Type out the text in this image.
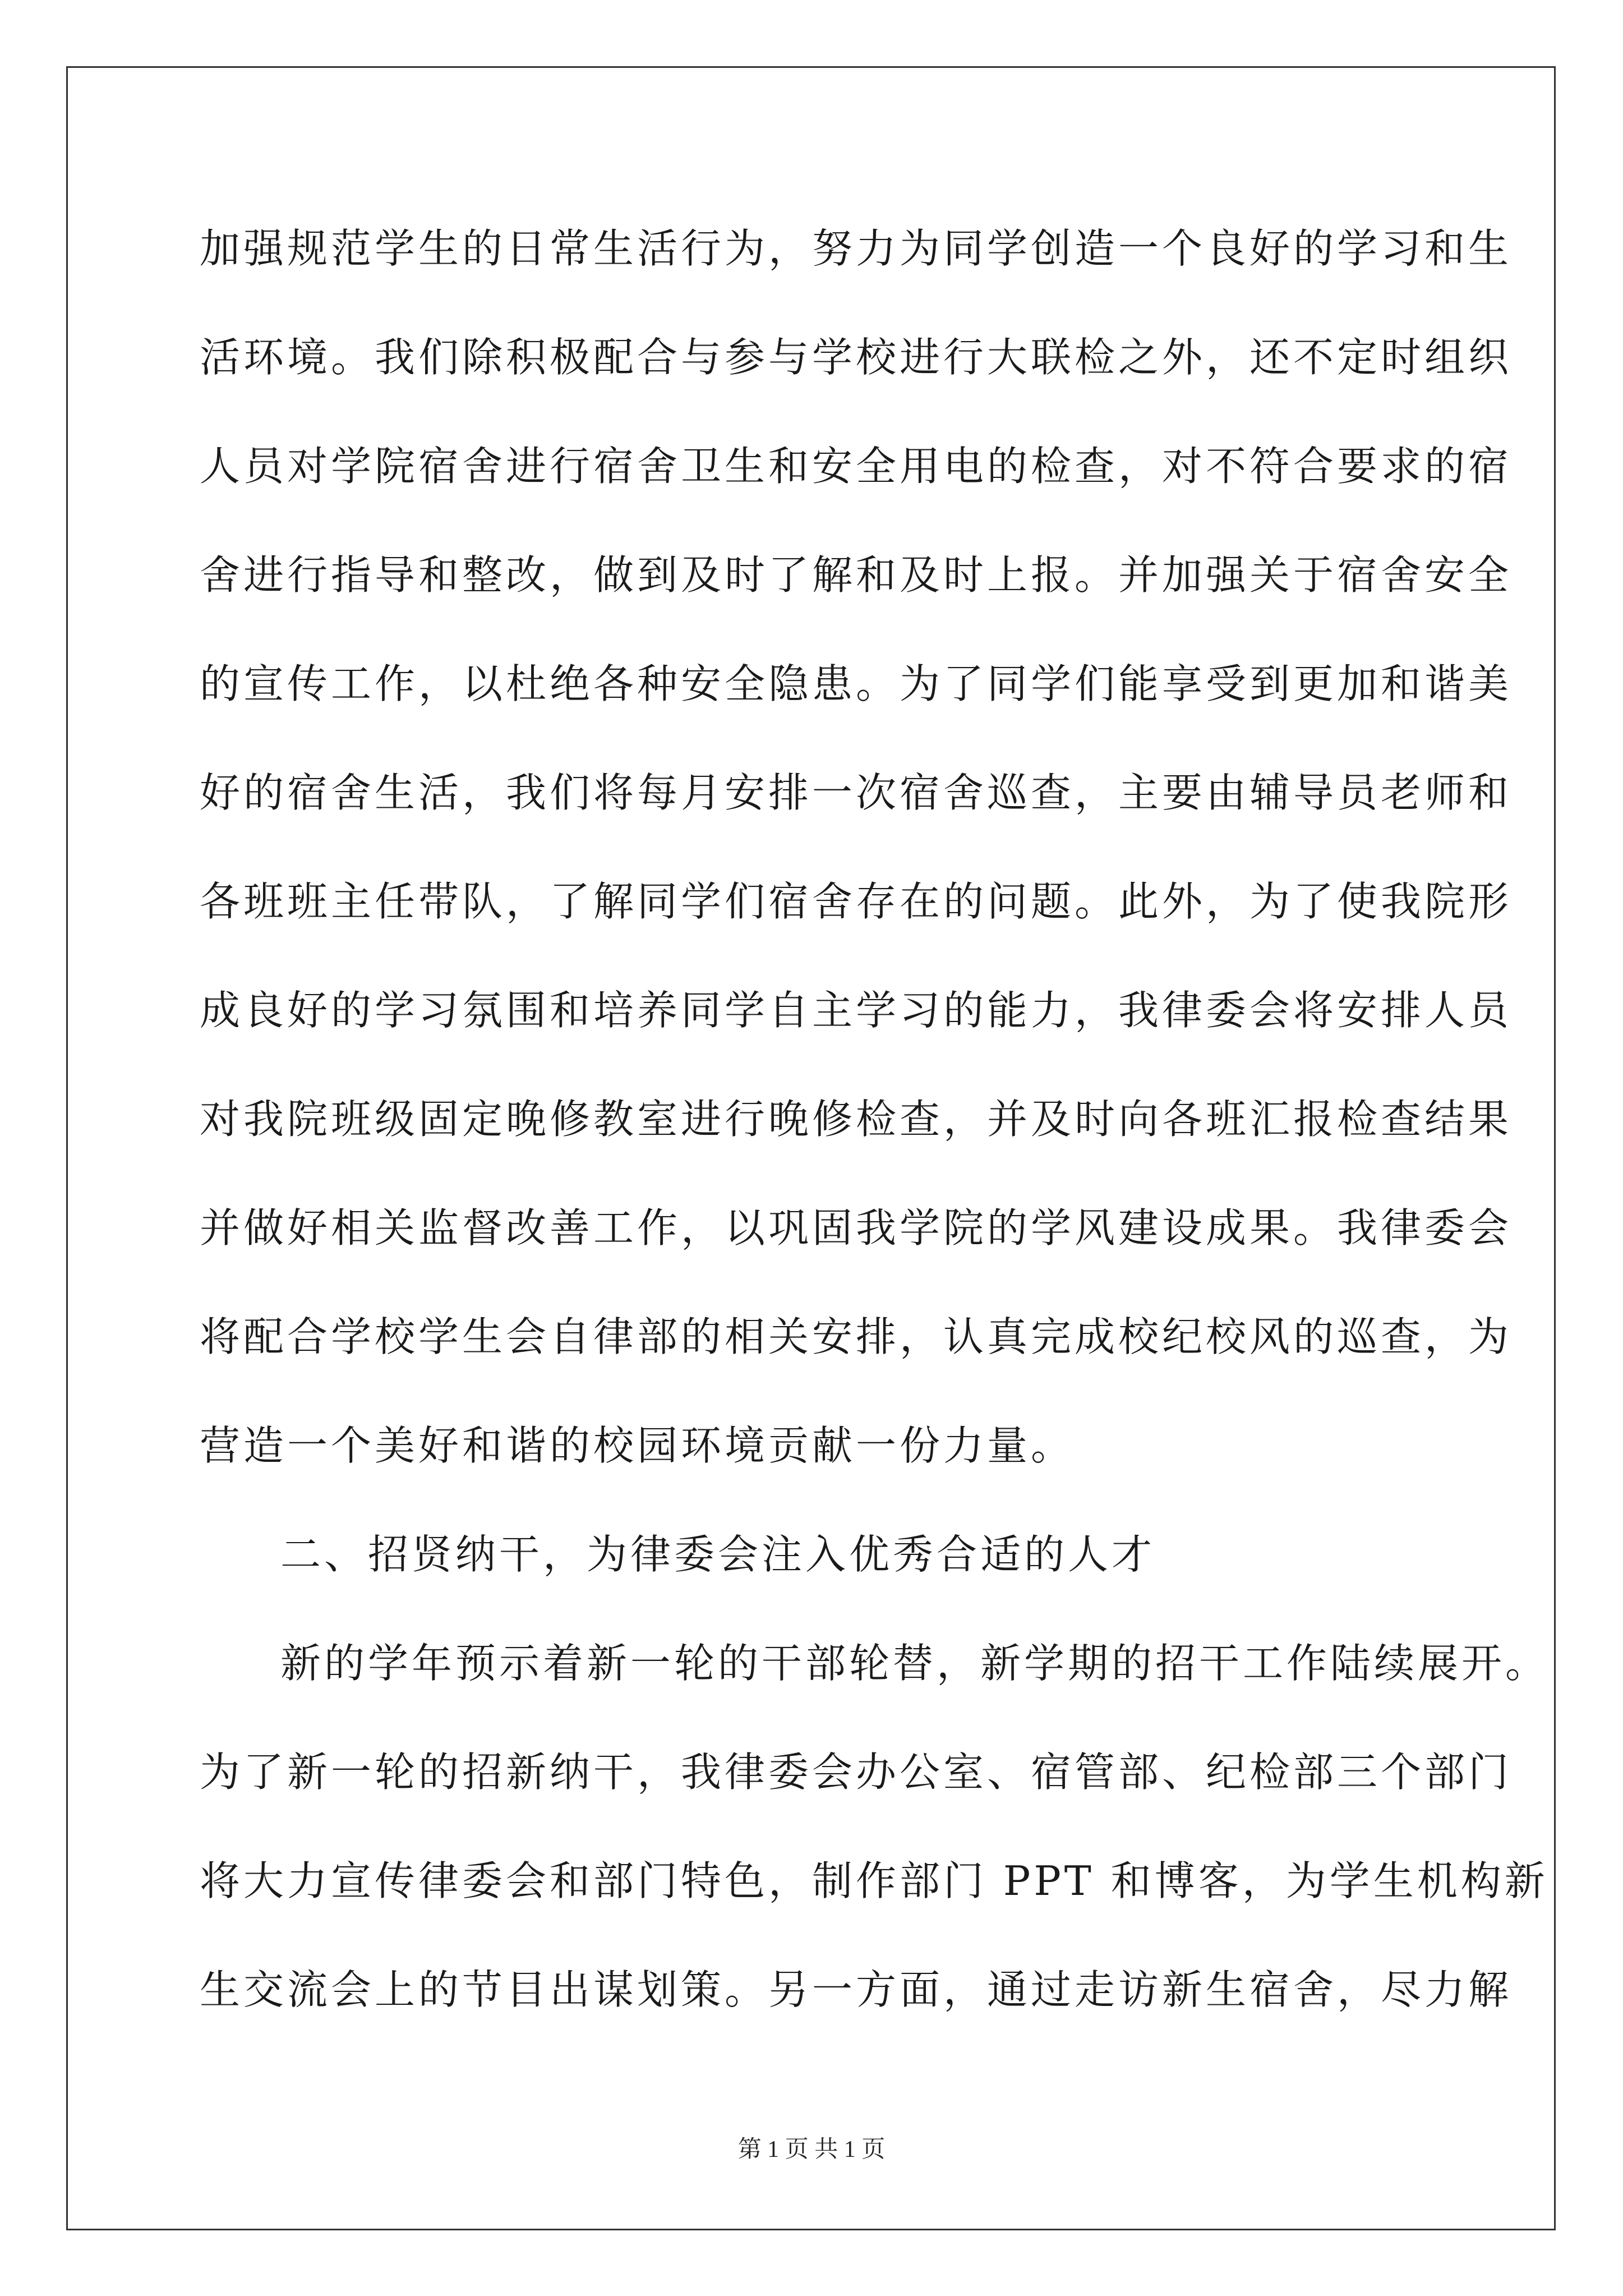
加强规范学生的日常生活行为，努力为同学创造一个良好的学习和生
活环境。我们除积极配合与参与学校进行大联检之外，还不定时组织
人员对学院宿舍进行宿舍卫生和安全用电的检查，对不符合要求的宿
舍进行指导和整改，做到及时了解和及时上报。并加强关于宿舍安全
的宣传工作，以杜绝各种安全隐患。为了同学们能享受到更加和谐美
好的宿舍生活，我们将每月安排一次宿舍巡查，主要由辅导员老师和
各班班主任带队，了解同学们宿舍存在的问题。此外，为了使我院形
成良好的学习氛围和培养同学自主学习的能力，我律委会将安排人员
对我院班级固定晚修教室进行晚修检查，并及时向各班汇报检查结果
并做好相关监督改善工作，以巩固我学院的学风建设成果。我律委会
将配合学校学生会自律部的相关安排，认真完成校纪校风的巡查，为
营造一个美好和谐的校园环境贡献一份力量。
二、招贤纳干，为律委会注入优秀合适的人才
新的学年预示着新一轮的干部轮替，新学期的招干工作陆续展开。
为了新一轮的招新纳干，我律委会办公室、宿管部、纪检部三个部门
将大力宣传律委会和部门特色，制作部门 PPT 和博客，为学生机构新
生交流会上的节目出谋划策。另一方面，通过走访新生宿舍，尽力解
第 1 页 共 1 页
